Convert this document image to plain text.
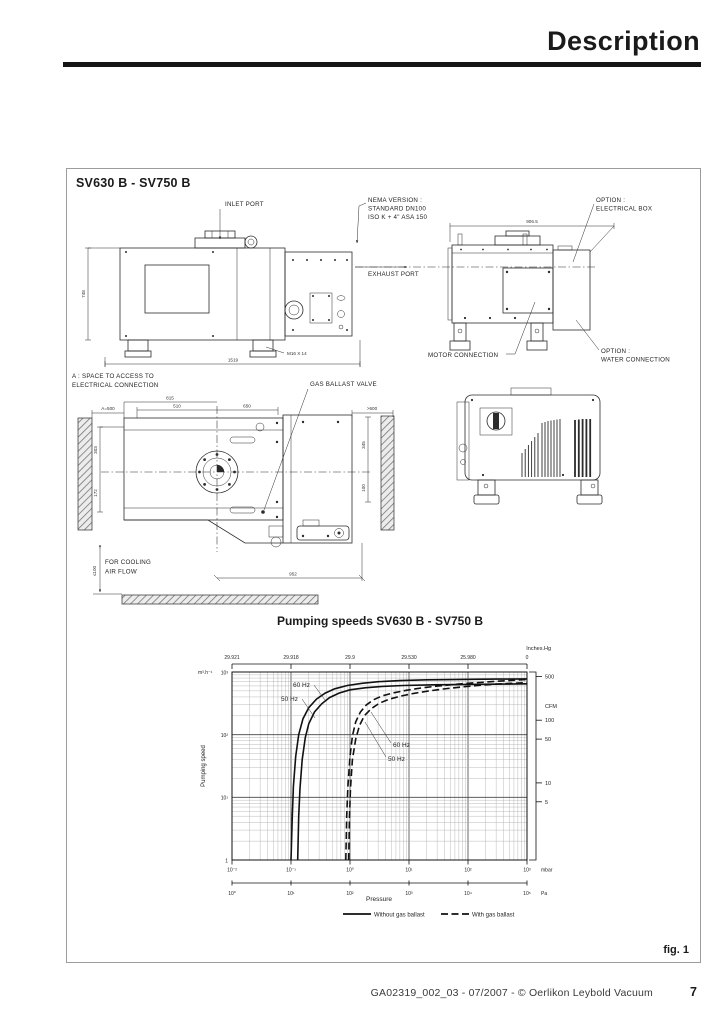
Description
SV630 B - SV750 B
INLET PORT
748
1519
M16 X 14
NEMA VERSION :
STANDARD DN100
ISO K + 4" ASA 150
EXHAUST PORT
OPTION :
ELECTRICAL BOX
906.5
MOTOR CONNECTION
OPTION :
WATER CONNECTION
A : SPACE TO ACCESS TO
ELECTRICAL CONNECTION	GAS BALLAST VALVE
A=500
815
510	650	>500
345
100
303
172
FOR COOLING
AIR FLOW
≤100	952
Pumping speeds SV630 B - SV750 B
Inches.Hg
29.921	29.918	29.9	29.530	25.980	0
m³.h⁻¹ 10³
10²
10¹
1
Pumping speed
500
100
50
10
5
CFM
10⁻²	10⁻¹	10⁰	10¹	10²	10³ mbar
10⁰	10¹	10²	10³	10⁴	10⁵ Pa
Pressure
60 Hz
50 Hz
60 Hz
50 Hz
Without gas ballast	With gas ballast
fig. 1
GA02319_002_03 - 07/2007 - © Oerlikon Leybold Vacuum	7
